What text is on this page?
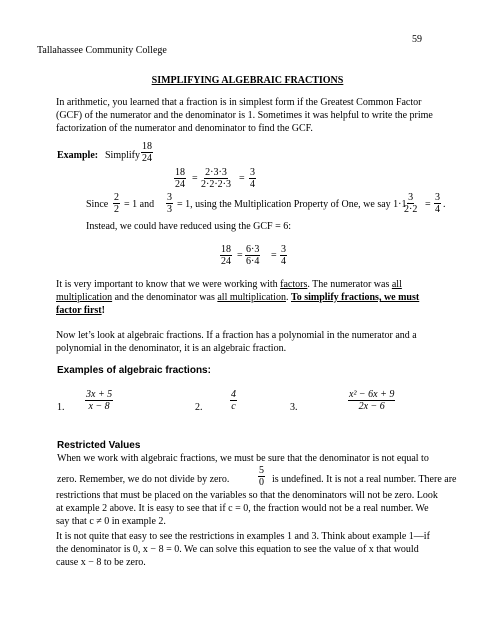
59
Tallahassee Community College
SIMPLIFYING ALGEBRAIC FRACTIONS
In arithmetic, you learned that a fraction is in simplest form if the Greatest Common Factor (GCF) of the numerator and the denominator is 1. Sometimes it was helpful to write the prime factorization of the numerator and denominator to find the GCF.
Example: Simplify $\frac{18}{24}$
$\frac{18}{24} = \frac{2\cdot 3\cdot 3}{2\cdot 2\cdot 2\cdot 3} = \frac{3}{4}$
Since $\frac{2}{2} = 1$ and $\frac{3}{3} = 1$, using the Multiplication Property of One, we say 1·1·
$\frac{3}{2\cdot 2} = \frac{3}{4}$ .
Instead, we could have reduced using the GCF = 6:
$\frac{18}{24} = \frac{6\cdot 3}{6\cdot 4} = \frac{3}{4}$
It is very important to know that we were working with factors. The numerator was all multiplication and the denominator was all multiplication. To simplify fractions, we must factor first!
Now let’s look at algebraic fractions. If a fraction has a polynomial in the numerator and a polynomial in the denominator, it is an algebraic fraction.
Examples of algebraic fractions:
1. $\frac{3x + 5}{x - 8}$	2.	$\frac{4}{c}$	3.	$\frac{\text{x² − 6x + 9}}{2x - 6}$
Restricted Values
When we work with algebraic fractions, we must be sure that the denominator is not equal to
zero. Remember, we do not divide by zero.	$\frac{5}{0}$ is undefined. It is not a real number. There are
restrictions that must be placed on the variables so that the denominators will not be zero. Look at example 2 above. It is easy to see that if c = 0, the fraction would not be a real number. We say that c ≠ 0 in example 2.
It is not quite that easy to see the restrictions in examples 1 and 3. Think about example 1—if the denominator is 0, x − 8 = 0. We can solve this equation to see the value of x that would cause x − 8 to be zero.
